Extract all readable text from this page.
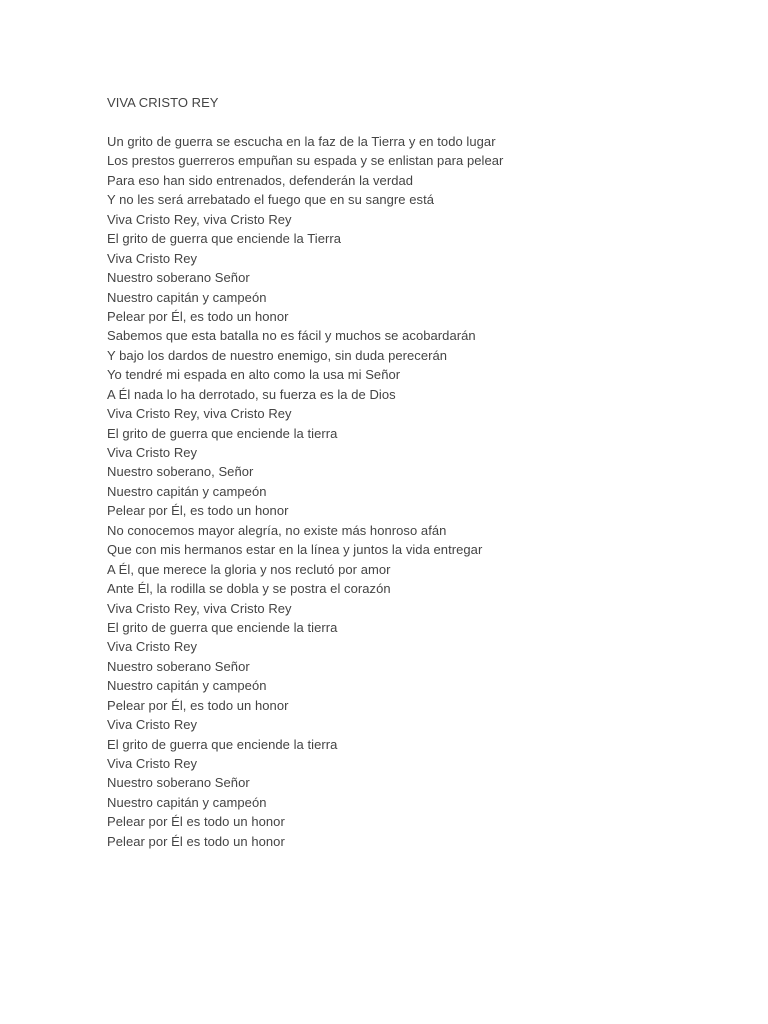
VIVA CRISTO REY
Un grito de guerra se escucha en la faz de la Tierra y en todo lugar
Los prestos guerreros empuñan su espada y se enlistan para pelear
Para eso han sido entrenados, defenderán la verdad
Y no les será arrebatado el fuego que en su sangre está
Viva Cristo Rey, viva Cristo Rey
El grito de guerra que enciende la Tierra
Viva Cristo Rey
Nuestro soberano Señor
Nuestro capitán y campeón
Pelear por Él, es todo un honor
Sabemos que esta batalla no es fácil y muchos se acobardarán
Y bajo los dardos de nuestro enemigo, sin duda perecerán
Yo tendré mi espada en alto como la usa mi Señor
A Él nada lo ha derrotado, su fuerza es la de Dios
Viva Cristo Rey, viva Cristo Rey
El grito de guerra que enciende la tierra
Viva Cristo Rey
Nuestro soberano, Señor
Nuestro capitán y campeón
Pelear por Él, es todo un honor
No conocemos mayor alegría, no existe más honroso afán
Que con mis hermanos estar en la línea y juntos la vida entregar
A Él, que merece la gloria y nos reclutó por amor
Ante Él, la rodilla se dobla y se postra el corazón
Viva Cristo Rey, viva Cristo Rey
El grito de guerra que enciende la tierra
Viva Cristo Rey
Nuestro soberano Señor
Nuestro capitán y campeón
Pelear por Él, es todo un honor
Viva Cristo Rey
El grito de guerra que enciende la tierra
Viva Cristo Rey
Nuestro soberano Señor
Nuestro capitán y campeón
Pelear por Él es todo un honor
Pelear por Él es todo un honor
